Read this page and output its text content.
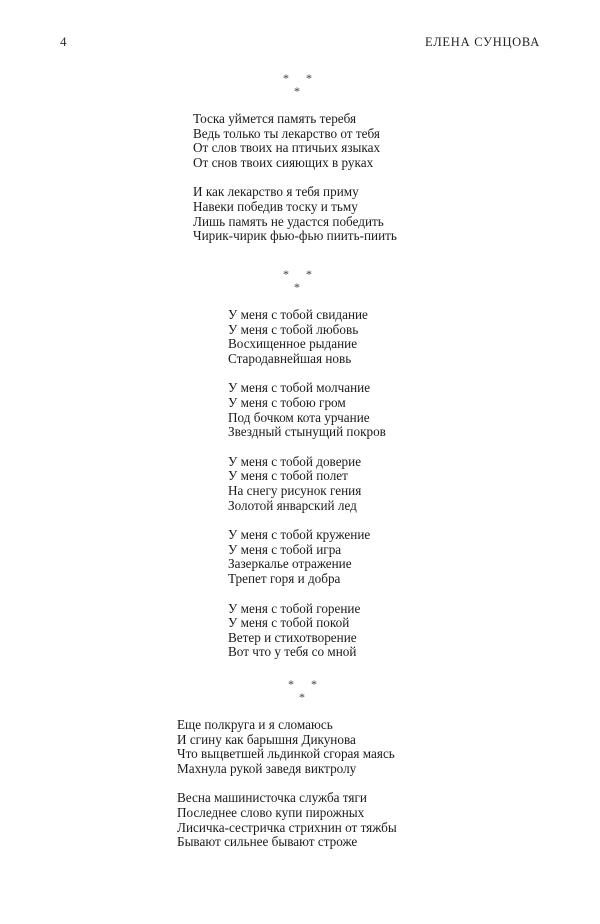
4	ЕЛЕНА СУНЦОВА
* *
*
Тоска уймется память теребя
Ведь только ты лекарство от тебя
От слов твоих на птичьих языках
От снов твоих сияющих в руках
И как лекарство я тебя приму
Навеки победив тоску и тьму
Лишь память не удастся победить
Чирик-чирик фью-фью пиить-пиить
* *
*
У меня с тобой свидание
У меня с тобой любовь
Восхищенное рыдание
Стародавнейшая новь
У меня с тобой молчание
У меня с тобою гром
Под бочком кота урчание
Звездный стынущий покров
У меня с тобой доверие
У меня с тобой полет
На снегу рисунок гения
Золотой январский лед
У меня с тобой кружение
У меня с тобой игра
Зазеркалье отражение
Трепет горя и добра
У меня с тобой горение
У меня с тобой покой
Ветер и стихотворение
Вот что у тебя со мной
* *
*
Еще полкруга и я сломаюсь
И сгину как барышня Дикунова
Что выцветшей льдинкой сгорая маясь
Махнула рукой заведя виктролу
Весна машинисточка служба тяги
Последнее слово купи пирожных
Лисичка-сестричка стрихнин от тяжбы
Бывают сильнее бывают строже
